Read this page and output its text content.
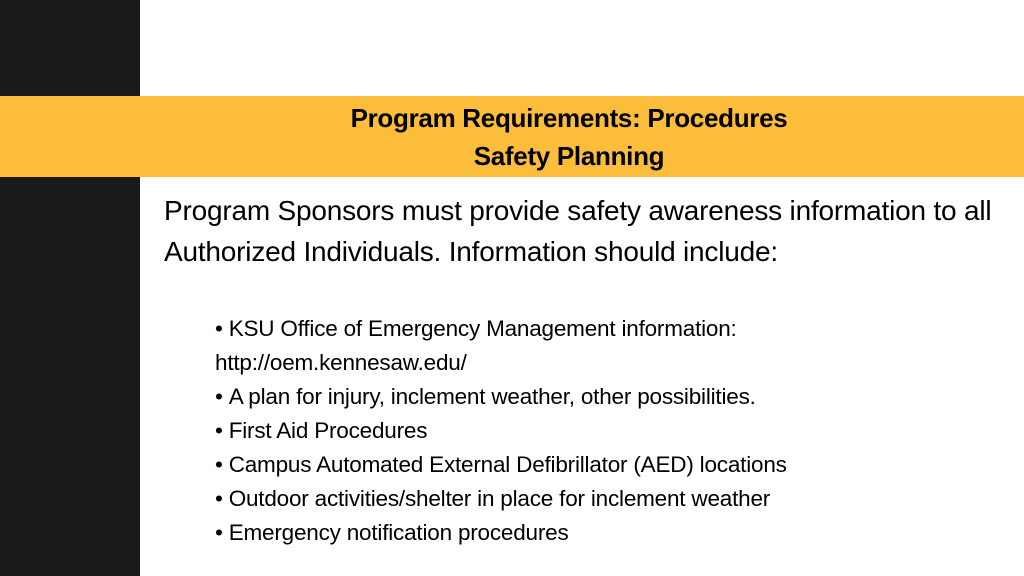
Program Requirements: Procedures
Safety Planning

Program Sponsors must provide safety awareness information to all Authorized Individuals. Information should include:

• KSU Office of Emergency Management information:
http://oem.kennesaw.edu/
• A plan for injury, inclement weather, other possibilities.
• First Aid Procedures
• Campus Automated External Defibrillator (AED) locations
• Outdoor activities/shelter in place for inclement weather
• Emergency notification procedures
